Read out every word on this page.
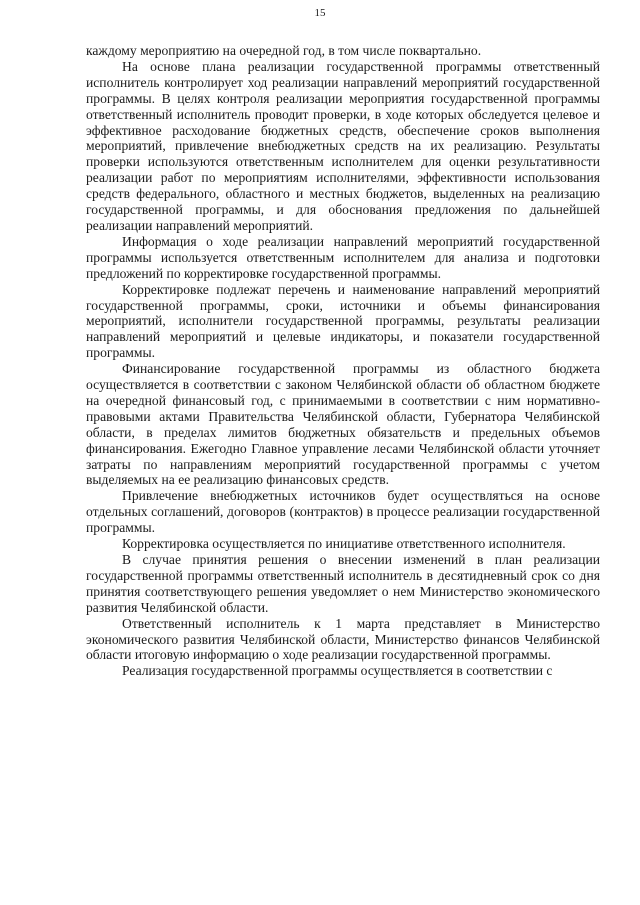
15

каждому мероприятию на очередной год, в том числе поквартально.

На основе плана реализации государственной программы ответственный исполнитель контролирует ход реализации направлений мероприятий государственной программы. В целях контроля реализации мероприятия государственной программы ответственный исполнитель проводит проверки, в ходе которых обследуется целевое и эффективное расходование бюджетных средств, обеспечение сроков выполнения мероприятий, привлечение внебюджетных средств на их реализацию. Результаты проверки используются ответственным исполнителем для оценки результативности реализации работ по мероприятиям исполнителями, эффективности использования средств федерального, областного и местных бюджетов, выделенных на реализацию государственной программы, и для обоснования предложения по дальнейшей реализации направлений мероприятий.

Информация о ходе реализации направлений мероприятий государственной программы используется ответственным исполнителем для анализа и подготовки предложений по корректировке государственной программы.

Корректировке подлежат перечень и наименование направлений мероприятий государственной программы, сроки, источники и объемы финансирования мероприятий, исполнители государственной программы, результаты реализации направлений мероприятий и целевые индикаторы, и показатели государственной программы.

Финансирование государственной программы из областного бюджета осуществляется в соответствии с законом Челябинской области об областном бюджете на очередной финансовый год, с принимаемыми в соответствии с ним нормативно-правовыми актами Правительства Челябинской области, Губернатора Челябинской области, в пределах лимитов бюджетных обязательств и предельных объемов финансирования. Ежегодно Главное управление лесами Челябинской области уточняет затраты по направлениям мероприятий государственной программы с учетом выделяемых на ее реализацию финансовых средств.

Привлечение внебюджетных источников будет осуществляться на основе отдельных соглашений, договоров (контрактов) в процессе реализации государственной программы.

Корректировка осуществляется по инициативе ответственного исполнителя.

В случае принятия решения о внесении изменений в план реализации государственной программы ответственный исполнитель в десятидневный срок со дня принятия соответствующего решения уведомляет о нем Министерство экономического развития Челябинской области.

Ответственный исполнитель к 1 марта представляет в Министерство экономического развития Челябинской области, Министерство финансов Челябинской области итоговую информацию о ходе реализации государственной программы.

Реализация государственной программы осуществляется в соответствии с
